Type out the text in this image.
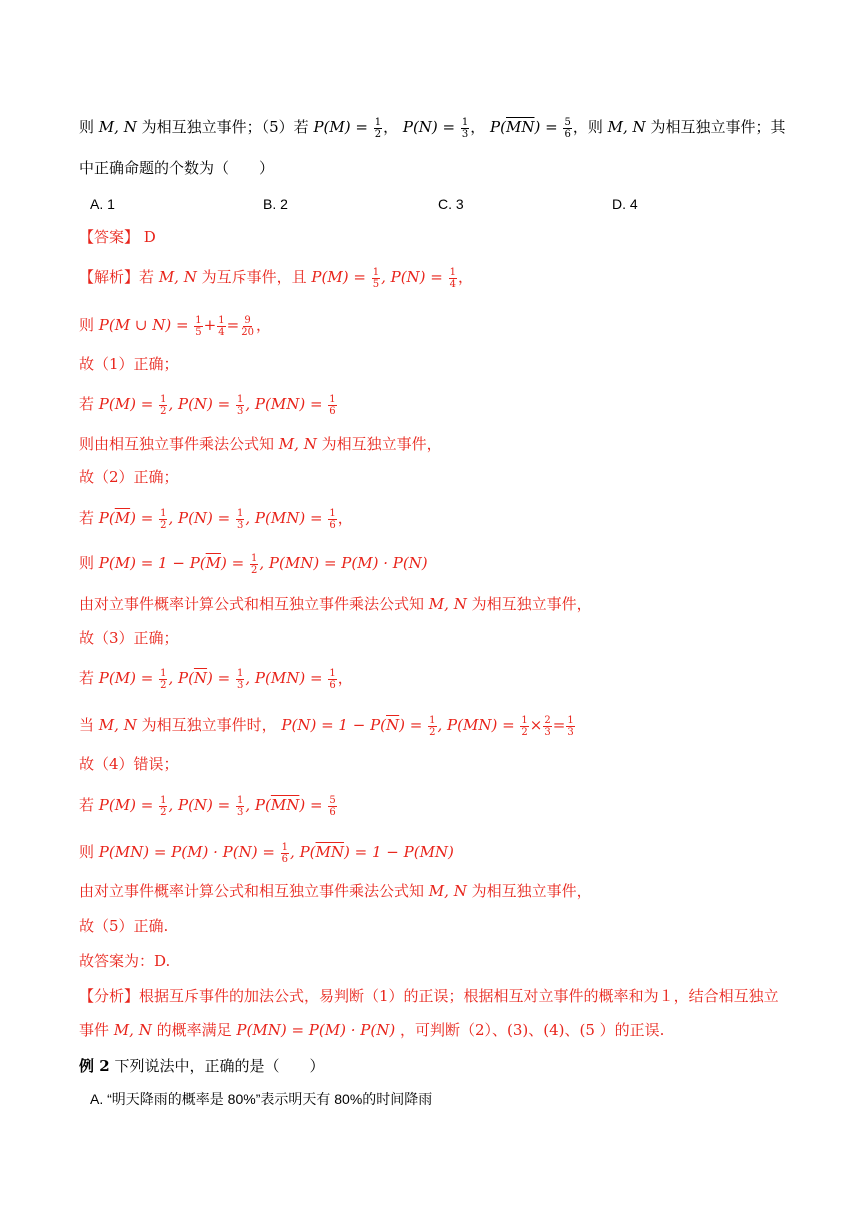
则 M, N 为相互独立事件；（5）若 $P(M) = \frac{1}{2}$ ， $P(N) = \frac{1}{3}$ ， $P(\overline{MN}) = \frac{5}{6}$ ，则 M, N 为相互独立事件；其
中正确命题的个数为（　　）
A. 1	B. 2	C. 3	D. 4
【答案】 D
【解析】若 M, N 为互斥事件，且 $P(M) = \frac{1}{5}$ , $P(N) = \frac{1}{4}$ ，
则 P(M ∪ $N) = \frac{1}{5} + \frac{1}{4} = \frac{9}{20}$ ，
故（1）正确；
若 $P(M) = \frac{1}{2}$ , $P(N) = \frac{1}{3}$ , $P(MN) = \frac{1}{6}$
则由相互独立事件乘法公式知 M, N 为相互独立事件，
故（2）正确；
若 $P(\overline{M}) = \frac{1}{2}$ , $P(N) = \frac{1}{3}$ , $P(MN) = \frac{1}{6}$ ，
则 $P(M) = 1 - P(\overline{M}) = \frac{1}{2}$ , P(MN) = P(M) · P(N)
由对立事件概率计算公式和相互独立事件乘法公式知 M, N 为相互独立事件，
故（3）正确；
若 $P(M) = \frac{1}{2}$ , $P(\overline{N}) = \frac{1}{3}$ , $P(MN) = \frac{1}{6}$ ，
当 M, N 为相互独立事件时， $P(N) = 1 - P(\overline{N}) = \frac{1}{2}$ , $P(MN) = \frac{1}{2} \times \frac{2}{3} = \frac{1}{3}$
故（4）错误；
若 $P(M) = \frac{1}{2}$ , $P(N) = \frac{1}{3}$ , $P(\overline{MN}) = \frac{5}{6}$
则 $P(MN) = P(M) \cdot P(N) = \frac{1}{6}$ , $P(\overline{MN}) = 1 - P(MN)$
由对立事件概率计算公式和相互独立事件乘法公式知 M, N 为相互独立事件，
故（5）正确.
故答案为：D.
【分析】根据互斥事件的加法公式，易判断（1）的正误；根据相互对立事件的概率和为１，结合相互独立
事件 M, N 的概率满足 P(MN) = P(M) · P(N) ，可判断（2）、(3)、(4)、(5 ）的正误.
例 2 下列说法中，正确的是（　　）
A. “明天降雨的概率是 80%”表示明天有 80%的时间降雨
